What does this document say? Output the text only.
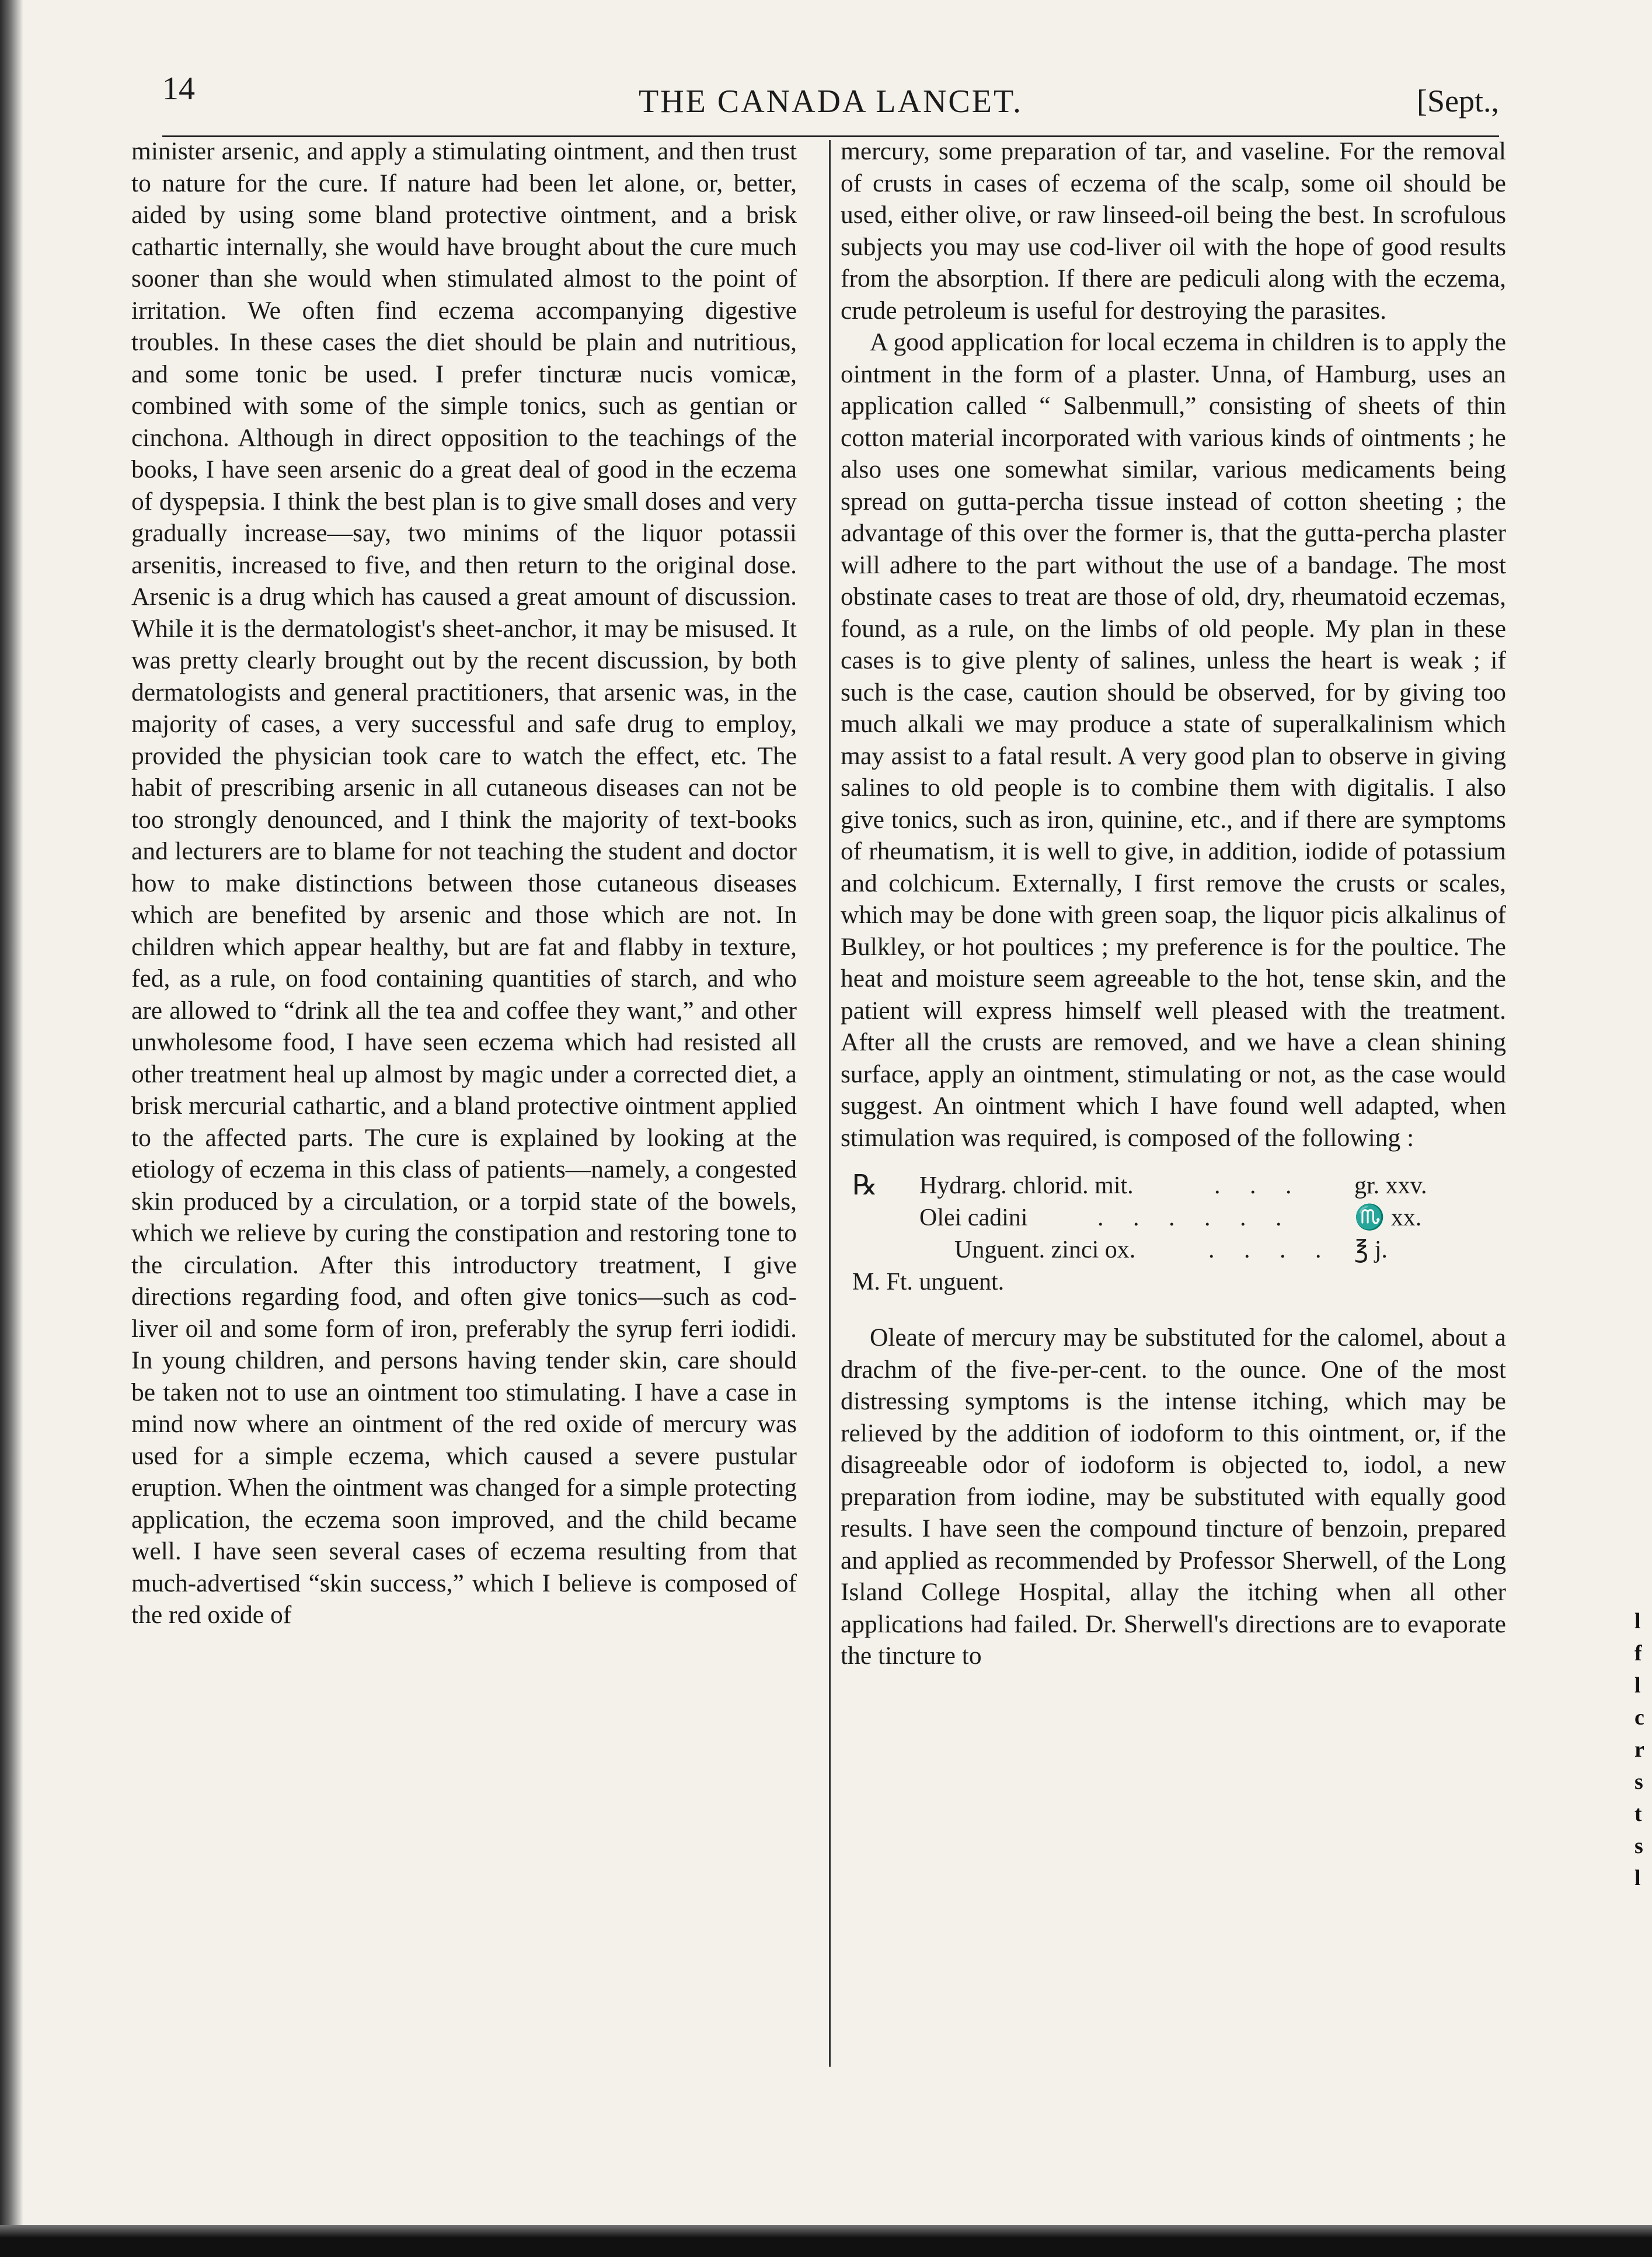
14	THE CANADA LANCET.	[Sept.,

minister arsenic, and apply a stimulating ointment, and then trust to nature for the cure. If nature had been let alone, or, better, aided by using some bland protective ointment, and a brisk cathartic internally, she would have brought about the cure much sooner than she would when stimulated almost to the point of irritation. We often find eczema accompanying digestive troubles. In these cases the diet should be plain and nutritious, and some tonic be used. I prefer tincturæ nucis vomicæ, combined with some of the simple tonics, such as gentian or cinchona. Although in direct opposition to the teachings of the books, I have seen arsenic do a great deal of good in the eczema of dyspepsia. I think the best plan is to give small doses and very gradually increase—say, two minims of the liquor potassii arsenitis, increased to five, and then return to the original dose. Arsenic is a drug which has caused a great amount of discussion. While it is the dermatologist's sheet-anchor, it may be misused. It was pretty clearly brought out by the recent discussion, by both dermatologists and general practitioners, that arsenic was, in the majority of cases, a very successful and safe drug to employ, provided the physician took care to watch the effect, etc. The habit of prescribing arsenic in all cutaneous diseases can not be too strongly denounced, and I think the majority of text-books and lecturers are to blame for not teaching the student and doctor how to make distinctions between those cutaneous diseases which are benefited by arsenic and those which are not. In children which appear healthy, but are fat and flabby in texture, fed, as a rule, on food containing quantities of starch, and who are allowed to “drink all the tea and coffee they want,” and other unwholesome food, I have seen eczema which had resisted all other treatment heal up almost by magic under a corrected diet, a brisk mercurial cathartic, and a bland protective ointment applied to the affected parts. The cure is explained by looking at the etiology of eczema in this class of patients—namely, a congested skin produced by a circulation, or a torpid state of the bowels, which we relieve by curing the constipation and restoring tone to the circulation. After this introductory treatment, I give directions regarding food, and often give tonics—such as cod-liver oil and some form of iron, preferably the syrup ferri iodidi. In young children, and persons having tender skin, care should be taken not to use an ointment too stimulating. I have a case in mind now where an ointment of the red oxide of mercury was used for a simple eczema, which caused a severe pustular eruption. When the ointment was changed for a simple protecting application, the eczema soon improved, and the child became well. I have seen several cases of eczema resulting from that much-advertised “skin success,” which I believe is composed of the red oxide of

mercury, some preparation of tar, and vaseline. For the removal of crusts in cases of eczema of the scalp, some oil should be used, either olive, or raw linseed-oil being the best. In scrofulous subjects you may use cod-liver oil with the hope of good results from the absorption. If there are pediculi along with the eczema, crude petroleum is useful for destroying the parasites.

A good application for local eczema in children is to apply the ointment in the form of a plaster. Unna, of Hamburg, uses an application called “ Salbenmull,” consisting of sheets of thin cotton material incorporated with various kinds of ointments ; he also uses one somewhat similar, various medicaments being spread on gutta-percha tissue instead of cotton sheeting ; the advantage of this over the former is, that the gutta-percha plaster will adhere to the part without the use of a bandage. The most obstinate cases to treat are those of old, dry, rheumatoid eczemas, found, as a rule, on the limbs of old people. My plan in these cases is to give plenty of salines, unless the heart is weak ; if such is the case, caution should be observed, for by giving too much alkali we may produce a state of superalkalinism which may assist to a fatal result. A very good plan to observe in giving salines to old people is to combine them with digitalis. I also give tonics, such as iron, quinine, etc., and if there are symptoms of rheumatism, it is well to give, in addition, iodide of potassium and colchicum. Externally, I first remove the crusts or scales, which may be done with green soap, the liquor picis alkalinus of Bulkley, or hot poultices ; my preference is for the poultice. The heat and moisture seem agreeable to the hot, tense skin, and the patient will express himself well pleased with the treatment. After all the crusts are removed, and we have a clean shining surface, apply an ointment, stimulating or not, as the case would suggest. An ointment which I have found well adapted, when stimulation was required, is composed of the following :

℞ Hydrarg. chlorid. mit.	. . . gr. xxv.
Olei cadini	. . . . . . ♏ xx.
Unguent. zinci ox.	. . . . ℥ j.
M. Ft. unguent.

Oleate of mercury may be substituted for the calomel, about a drachm of the five-per-cent. to the ounce. One of the most distressing symptoms is the intense itching, which may be relieved by the addition of iodoform to this ointment, or, if the disagreeable odor of iodoform is objected to, iodol, a new preparation from iodine, may be substituted with equally good results. I have seen the compound tincture of benzoin, prepared and applied as recommended by Professor Sherwell, of the Long Island College Hospital, allay the itching when all other applications had failed. Dr. Sherwell's directions are to evaporate the tincture to

l
f
l
c
r
s
t
s
l
